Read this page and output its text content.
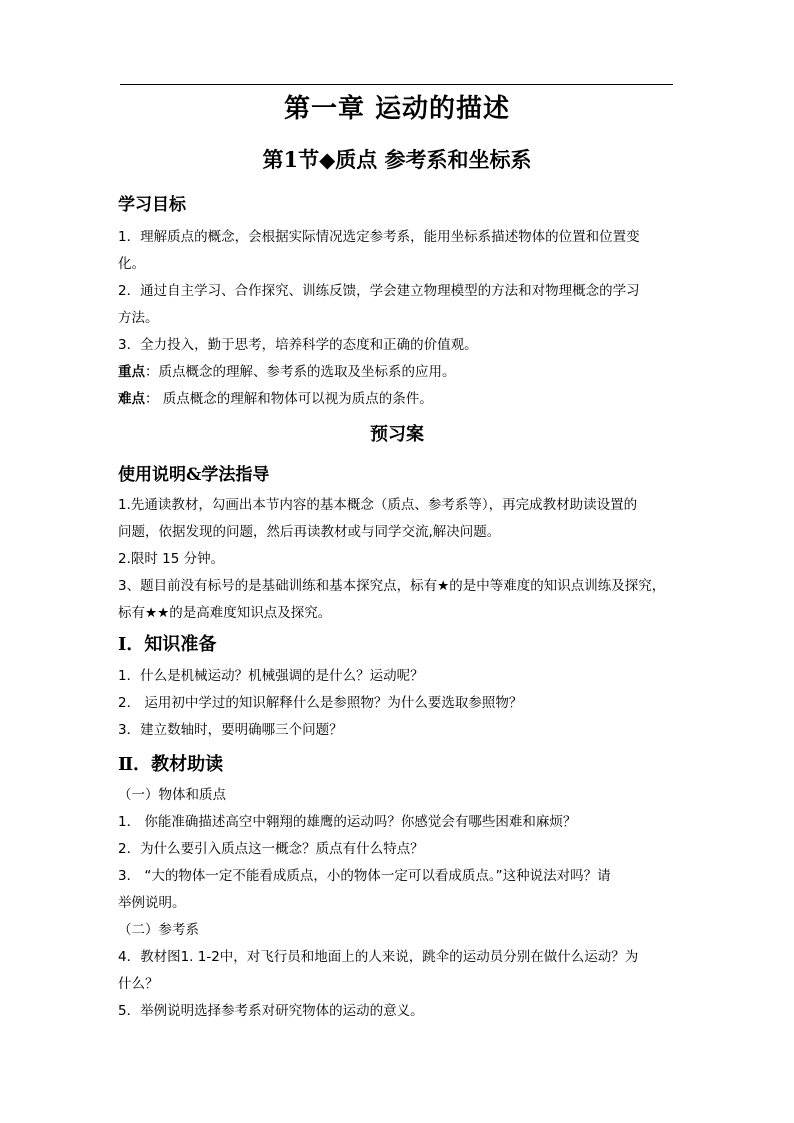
第一章 运动的描述
第1节◆质点 参考系和坐标系
学习目标
1．理解质点的概念，会根据实际情况选定参考系，能用坐标系描述物体的位置和位置变
化。
2．通过自主学习、合作探究、训练反馈，学会建立物理模型的方法和对物理概念的学习
方法。
3．全力投入，勤于思考，培养科学的态度和正确的价值观。
重点：质点概念的理解、参考系的选取及坐标系的应用。
难点： 质点概念的理解和物体可以视为质点的条件。
预习案
使用说明&学法指导
1.先通读教材，勾画出本节内容的基本概念（质点、参考系等），再完成教材助读设置的
问题，依据发现的问题，然后再读教材或与同学交流,解决问题。
2.限时 15 分钟。
3、题目前没有标号的是基础训练和基本探究点，标有★的是中等难度的知识点训练及探究，
标有★★的是高难度知识点及探究。
Ⅰ．知识准备
1．什么是机械运动？机械强调的是什么？运动呢？
2． 运用初中学过的知识解释什么是参照物？为什么要选取参照物？
3．建立数轴时，要明确哪三个问题？
Ⅱ．教材助读
（一）物体和质点
1． 你能准确描述高空中翱翔的雄鹰的运动吗？你感觉会有哪些困难和麻烦？
2．为什么要引入质点这一概念？质点有什么特点？
3． “大的物体一定不能看成质点，小的物体一定可以看成质点。”这种说法对吗？请
举例说明。
（二）参考系
4．教材图1. 1-2中，对飞行员和地面上的人来说，跳伞的运动员分别在做什么运动？为
什么？
5．举例说明选择参考系对研究物体的运动的意义。
